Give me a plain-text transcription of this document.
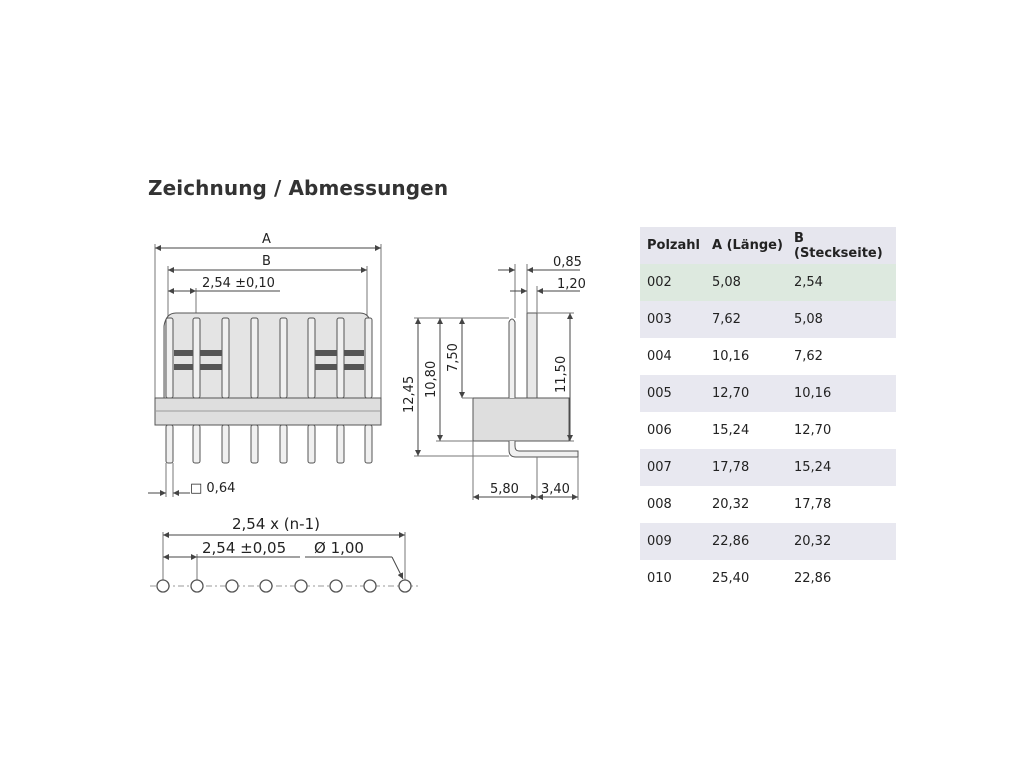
Zeichnung / Abmessungen
A
B
2,54 ±0,10
□ 0,64
0,85
1,20
12,45 10,80
7,50	11,50
5,80 3,40
2,54 x (n-1)
2,54 ±0,05 Ø 1,00
Polzahl	A (Länge)	B (Steckseite)
002	5,08	2,54
003	7,62	5,08
004	10,16	7,62
005	12,70	10,16
006	15,24	12,70
007	17,78	15,24
008	20,32	17,78
009	22,86	20,32
010	25,40	22,86
